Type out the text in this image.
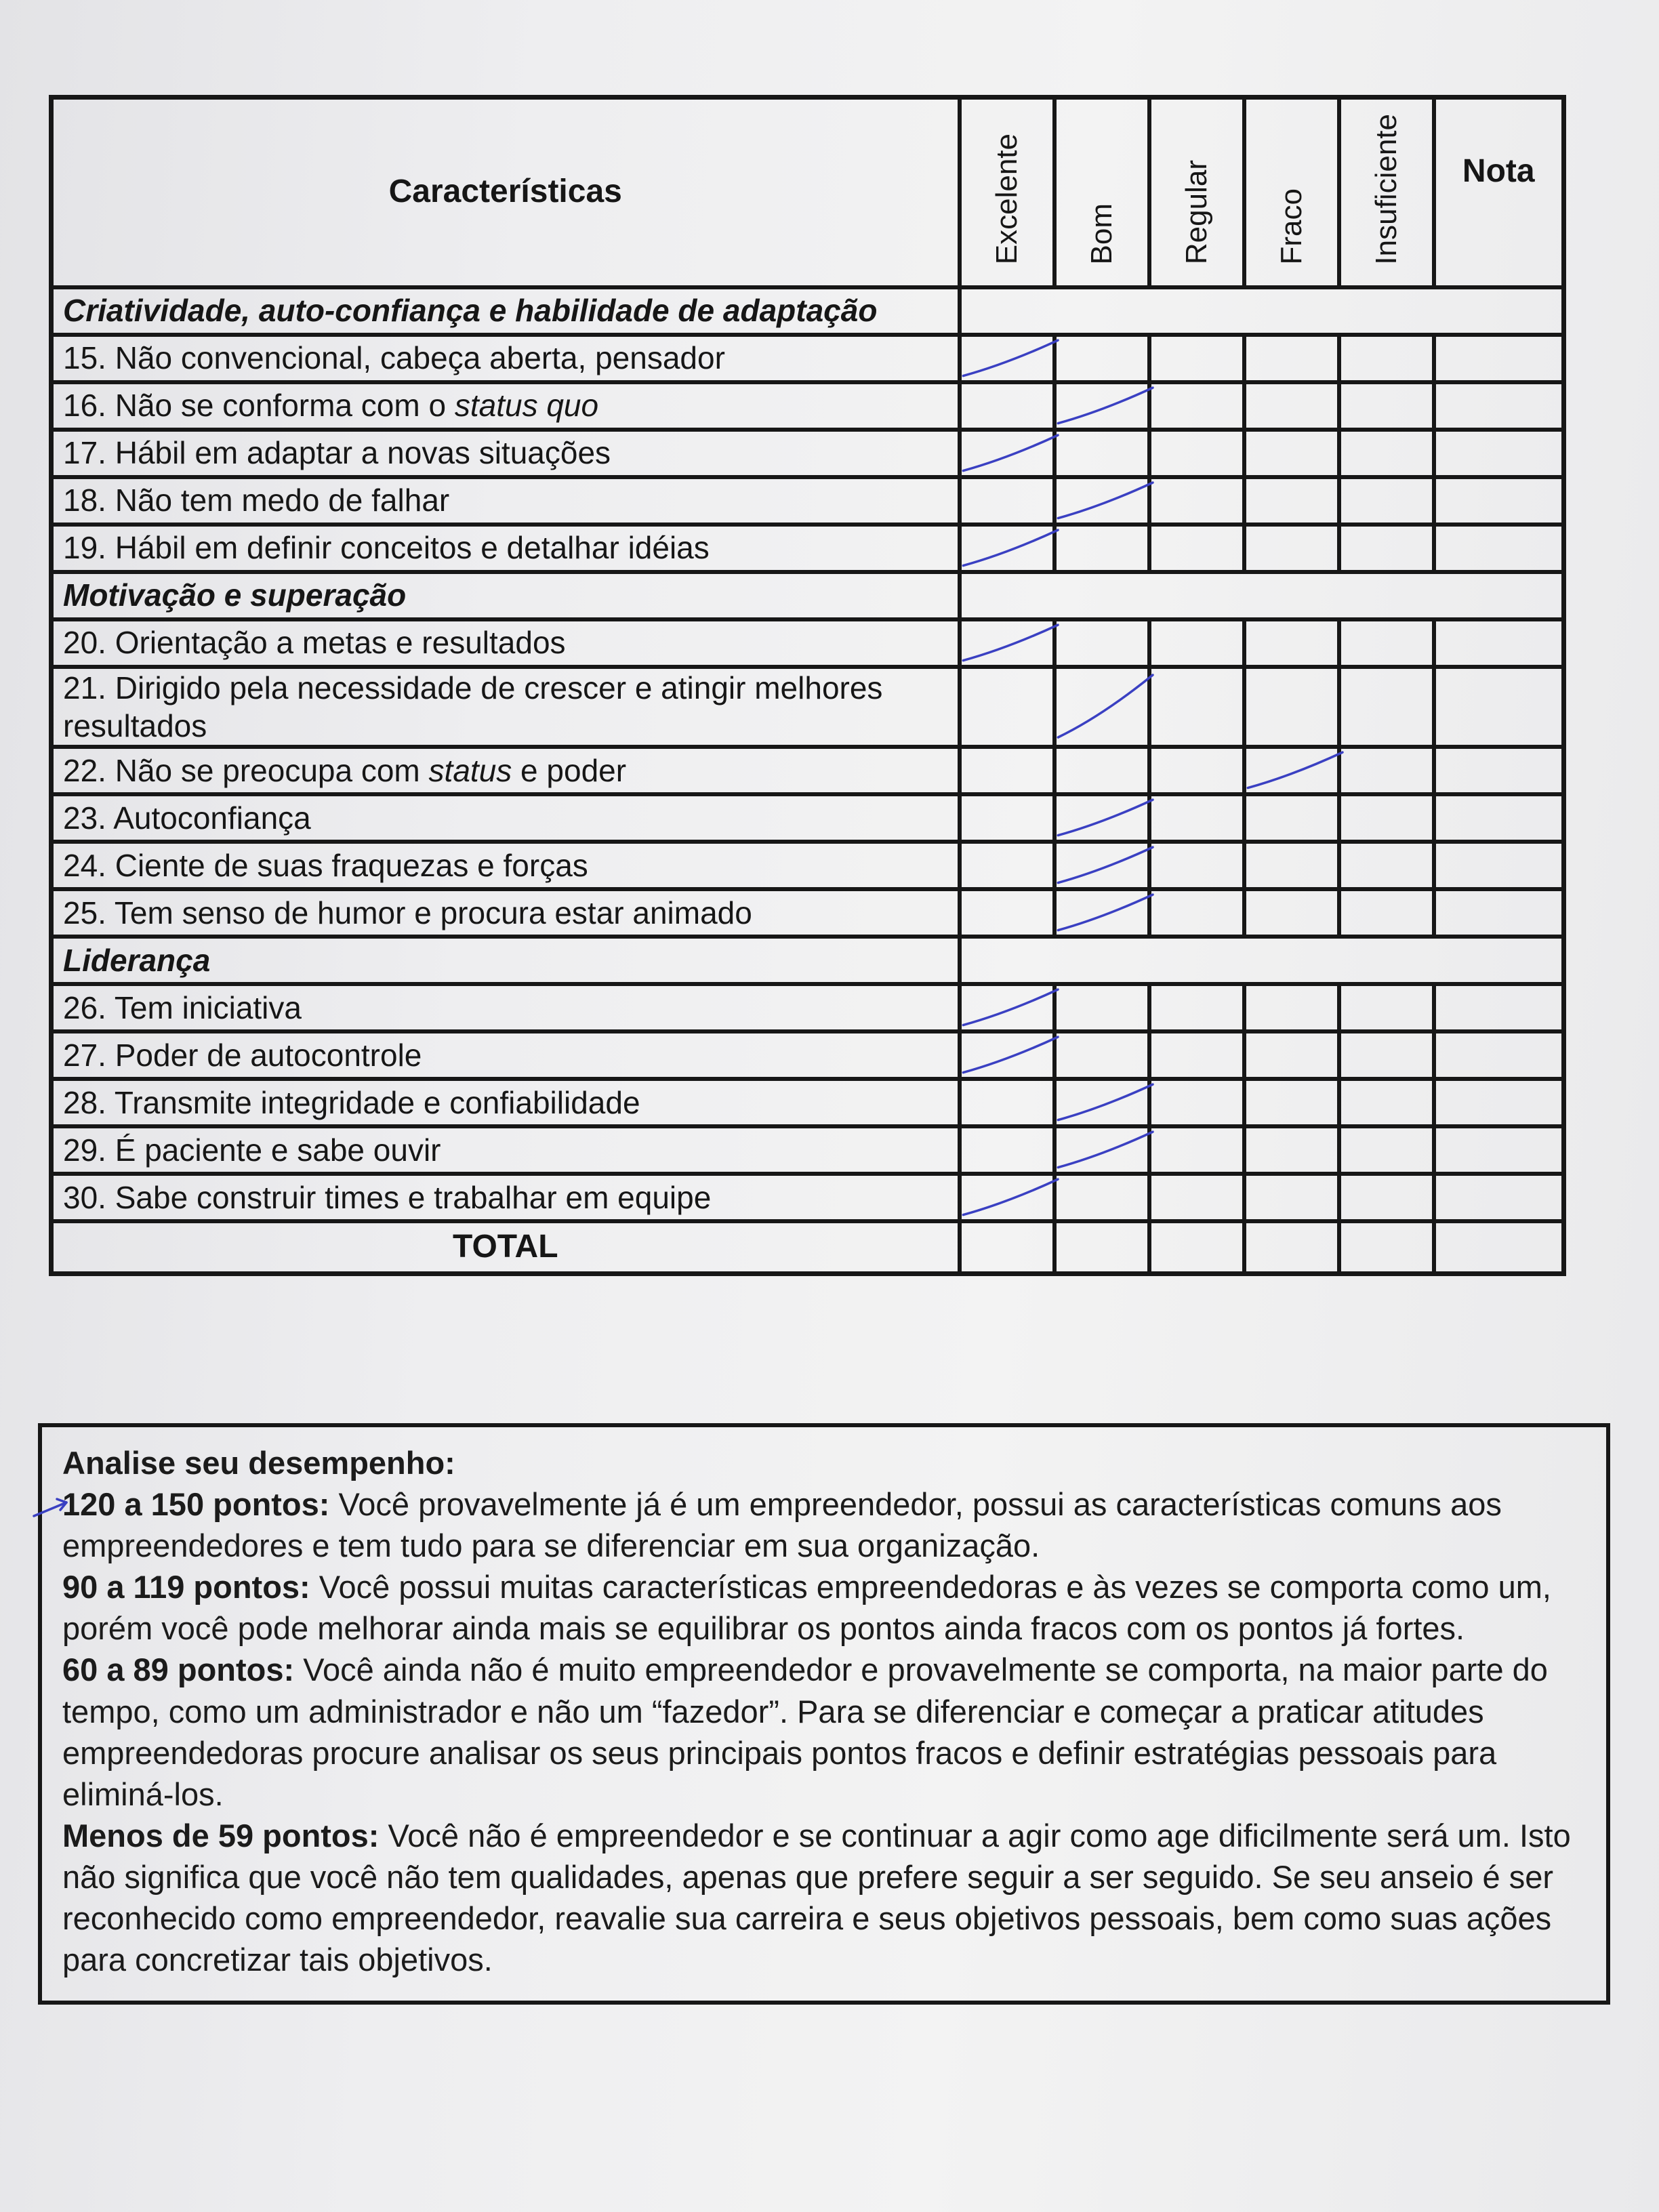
Características	Excelente	Bom	Regular	Fraco	Insuficiente	Nota
Criatividade, auto-confiança e habilidade de adaptação						
15. Não convencional, cabeça aberta, pensador	

16. Não se conforma com o status quo		

17. Hábil em adaptar a novas situações	

18. Não tem medo de falhar		

19. Hábil em definir conceitos e detalhar idéias	

Motivação e superação						
20. Orientação a metas e resultados	

21. Dirigido pela necessidade de crescer e atingir melhores resultados		

22. Não se preocupa com status e poder				

23. Autoconfiança		

24. Ciente de suas fraquezas e forças		

25. Tem senso de humor e procura estar animado		

Liderança						
26. Tem iniciativa	

27. Poder de autocontrole	

28. Transmite integridade e confiabilidade		

29. É paciente e sabe ouvir		

30. Sabe construir times e trabalhar em equipe	

TOTAL						

Analise seu desempenho:

120 a 150 pontos: Você provavelmente já é um empreendedor, possui as características comuns aos empreendedores e tem tudo para se diferenciar em sua organização.

90 a 119 pontos: Você possui muitas características empreendedoras e às vezes se comporta como um, porém você pode melhorar ainda mais se equilibrar os pontos ainda fracos com os pontos já fortes.

60 a 89 pontos: Você ainda não é muito empreendedor e provavelmente se comporta, na maior parte do tempo, como um administrador e não um “fazedor”. Para se diferenciar e começar a praticar atitudes empreendedoras procure analisar os seus principais pontos fracos e definir estratégias pessoais para eliminá-los.

Menos de 59 pontos: Você não é empreendedor e se continuar a agir como age dificilmente será um. Isto não significa que você não tem qualidades, apenas que prefere seguir a ser seguido. Se seu anseio é ser reconhecido como empreendedor, reavalie sua carreira e seus objetivos pessoais, bem como suas ações para concretizar tais objetivos.
